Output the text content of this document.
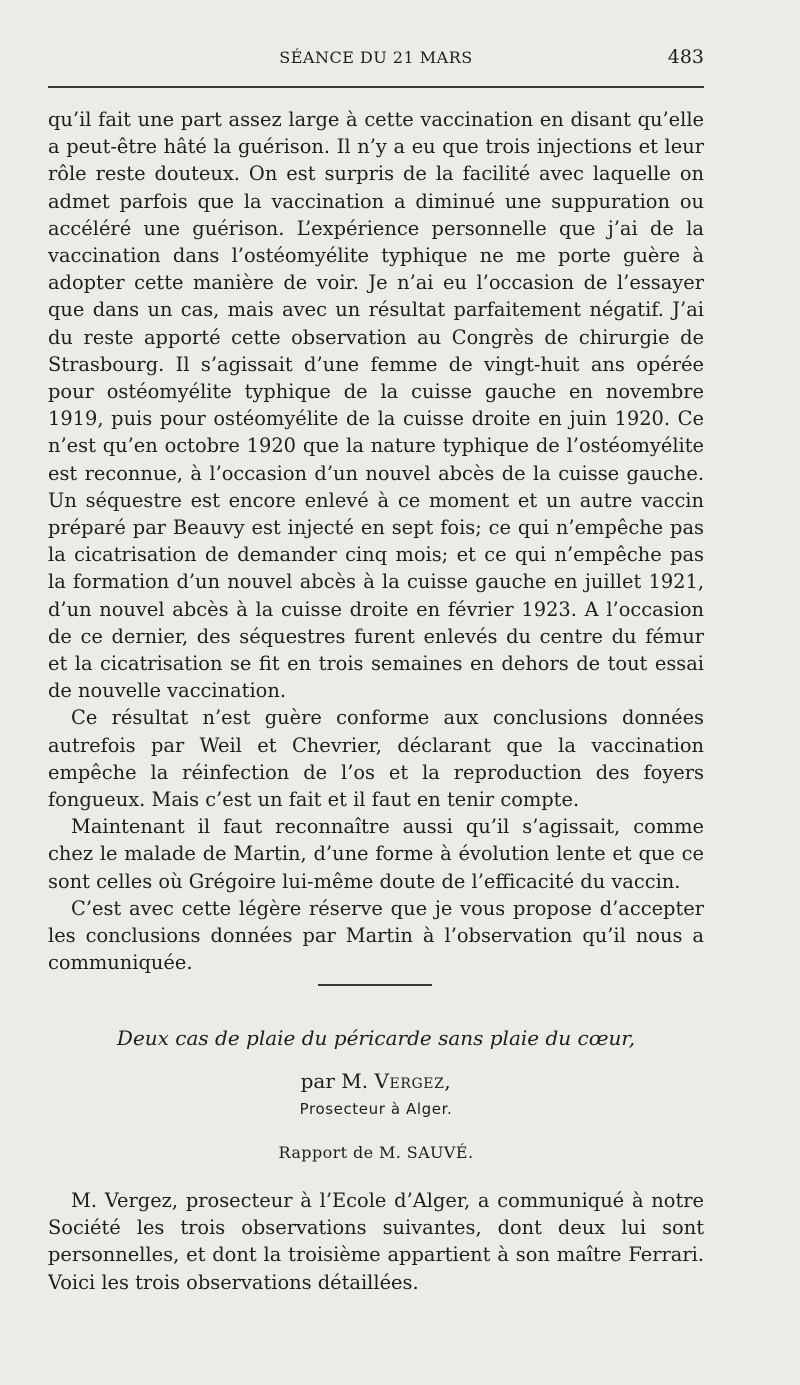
SÉANCE DU 21 MARS	483

qu’il fait une part assez large à cette vaccination en disant qu’elle a peut-être hâté la guérison. Il n’y a eu que trois injections et leur rôle reste douteux. On est surpris de la facilité avec laquelle on admet parfois que la vaccination a diminué une suppuration ou accéléré une guérison. L’expérience personnelle que j’ai de la vaccination dans l’ostéomyélite typhique ne me porte guère à adopter cette manière de voir. Je n’ai eu l’occasion de l’essayer que dans un cas, mais avec un résultat parfaitement négatif. J’ai du reste apporté cette observation au Congrès de chirurgie de Strasbourg. Il s’agissait d’une femme de vingt-huit ans opérée pour ostéomyélite typhique de la cuisse gauche en novembre 1919, puis pour ostéomyélite de la cuisse droite en juin 1920. Ce n’est qu’en octobre 1920 que la nature typhique de l’ostéomyélite est reconnue, à l’occasion d’un nouvel abcès de la cuisse gauche. Un séquestre est encore enlevé à ce moment et un autre vaccin préparé par Beauvy est injecté en sept fois; ce qui n’empêche pas la cicatrisation de demander cinq mois; et ce qui n’empêche pas la formation d’un nouvel abcès à la cuisse gauche en juillet 1921, d’un nouvel abcès à la cuisse droite en février 1923. A l’occasion de ce dernier, des séquestres furent enlevés du centre du fémur et la cicatrisation se fit en trois semaines en dehors de tout essai de nouvelle vaccination.

Ce résultat n’est guère conforme aux conclusions données autrefois par Weil et Chevrier, déclarant que la vaccination empêche la réinfection de l’os et la reproduction des foyers fongueux. Mais c’est un fait et il faut en tenir compte.

Maintenant il faut reconnaître aussi qu’il s’agissait, comme chez le malade de Martin, d’une forme à évolution lente et que ce sont celles où Grégoire lui-même doute de l’efficacité du vaccin.

C’est avec cette légère réserve que je vous propose d’accepter les conclusions données par Martin à l’observation qu’il nous a communiquée.

Deux cas de plaie du péricarde sans plaie du cœur,
par M. Vergez,
Prosecteur à Alger.
Rapport de M. SAUVÉ.

M. Vergez, prosecteur à l’Ecole d’Alger, a communiqué à notre Société les trois observations suivantes, dont deux lui sont personnelles, et dont la troisième appartient à son maître Ferrari. Voici les trois observations détaillées.
